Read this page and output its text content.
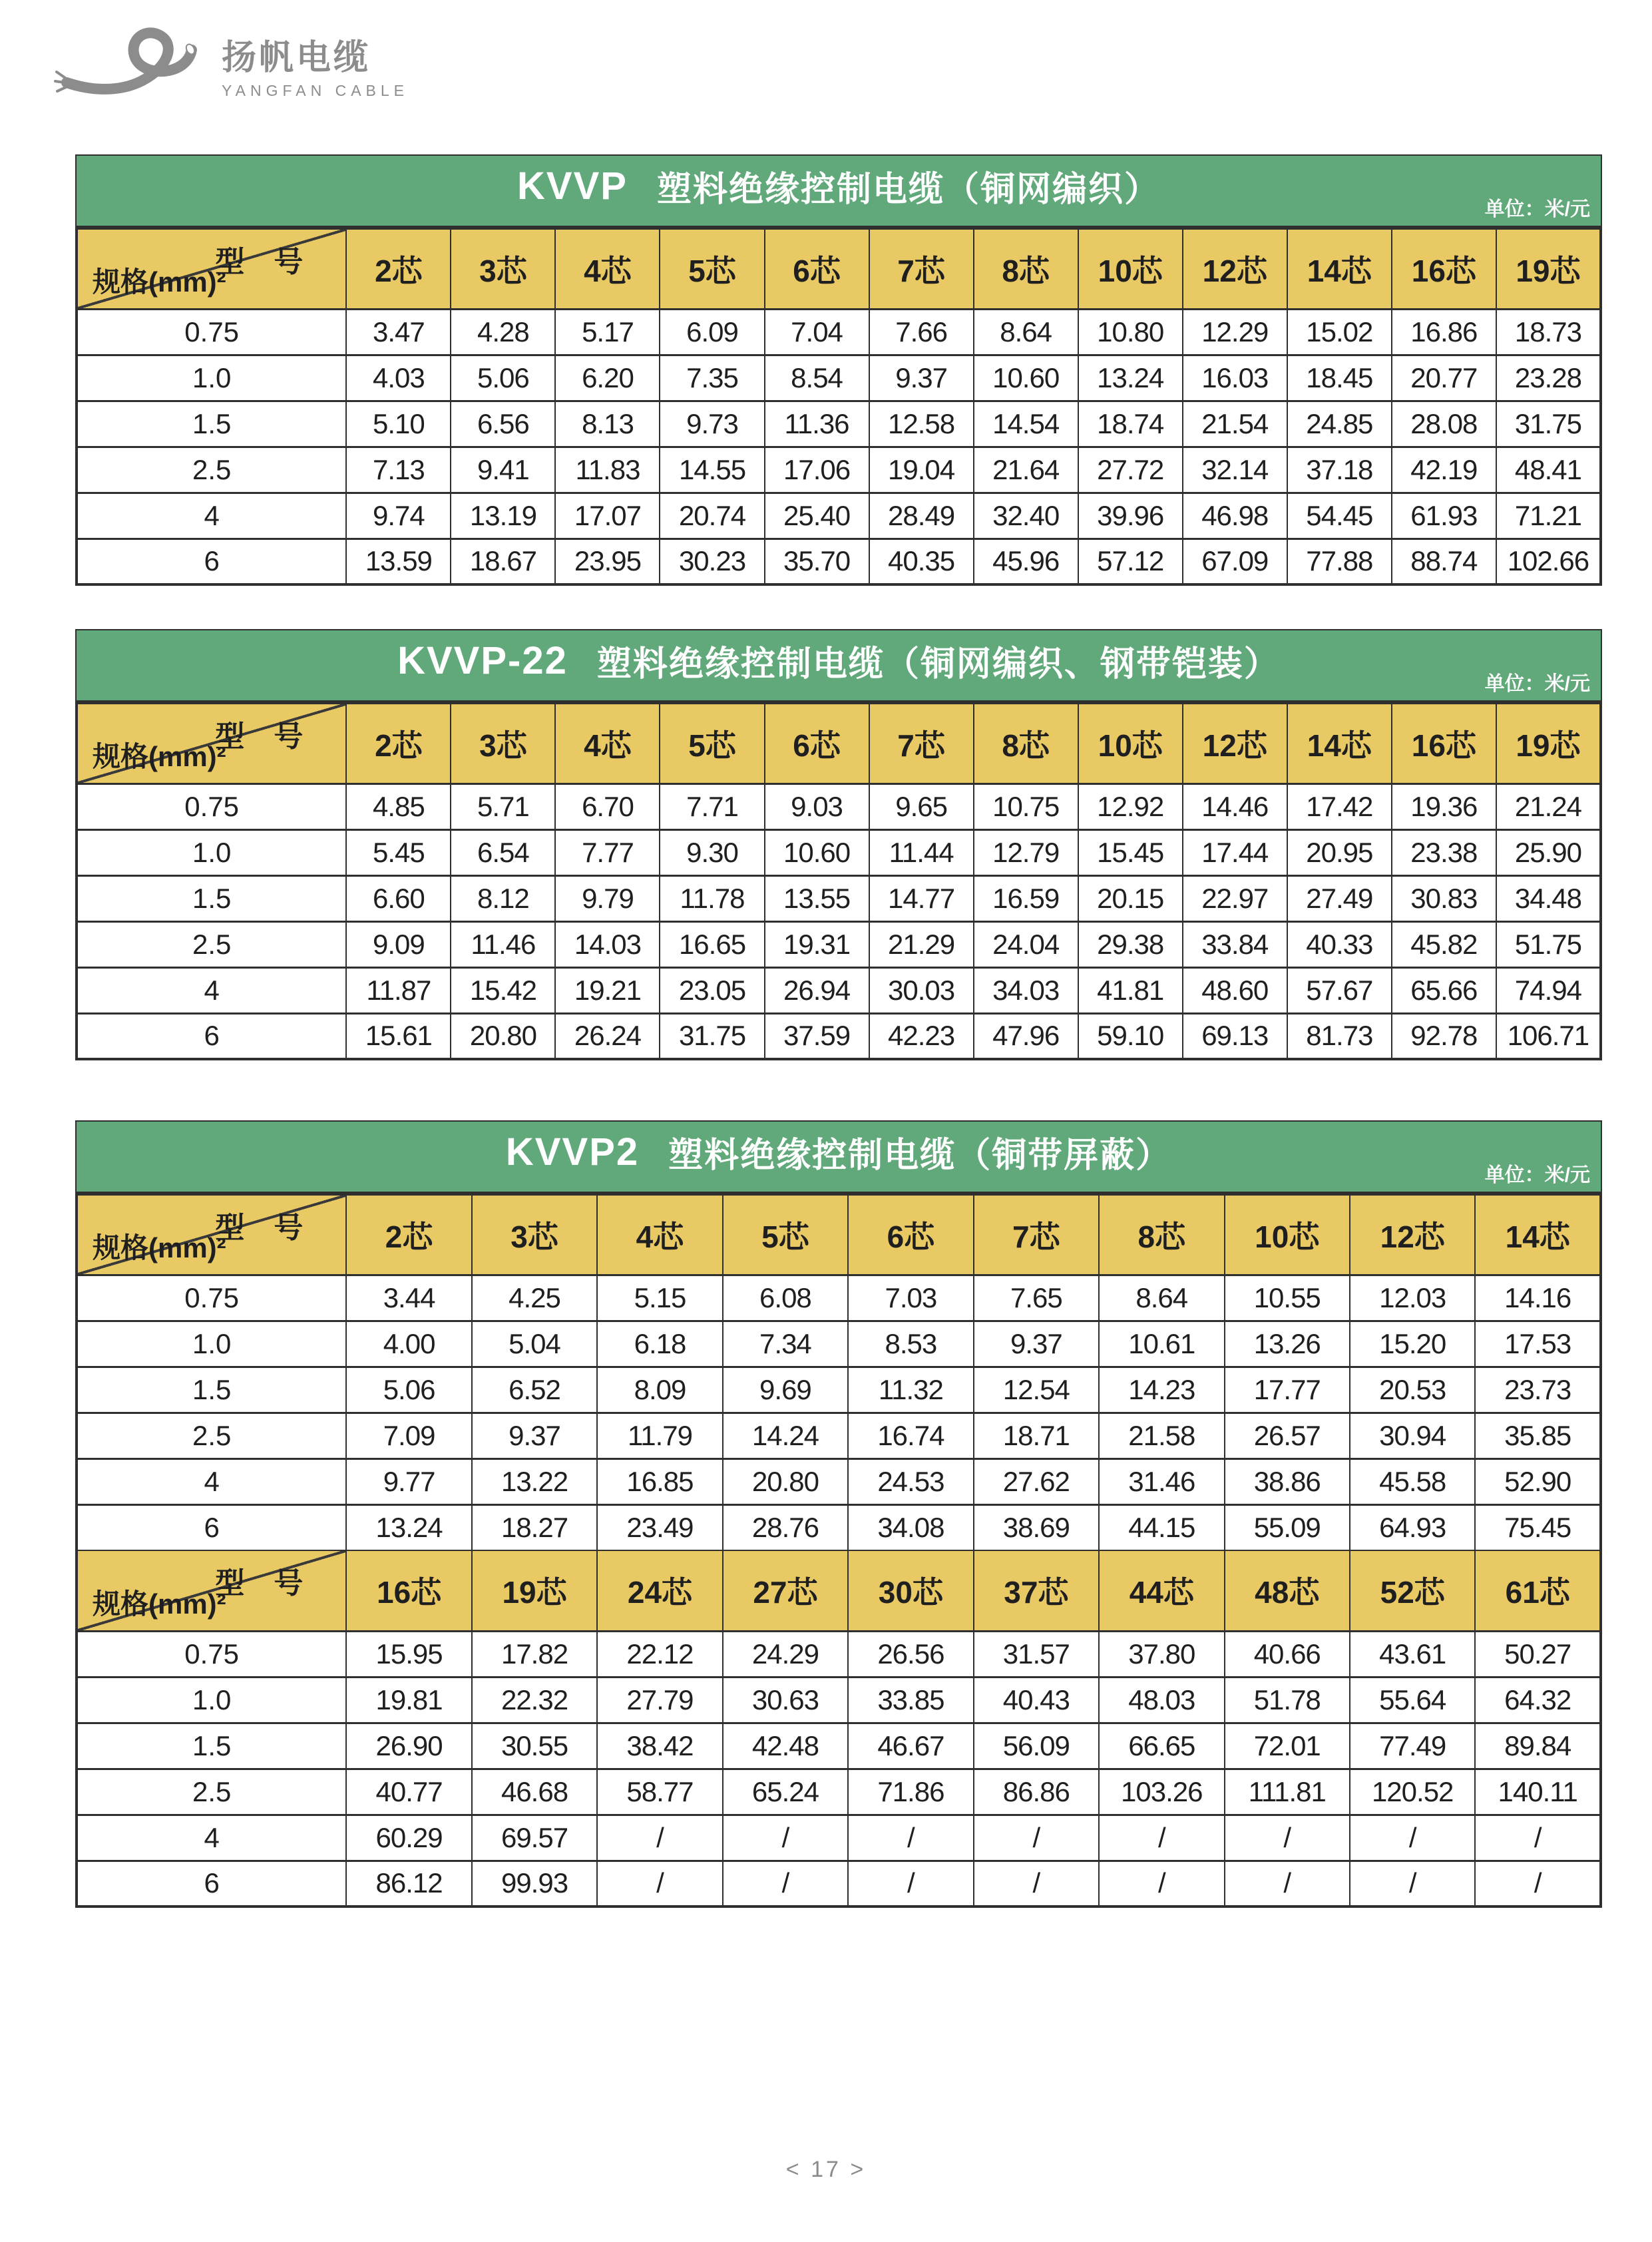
扬帆电缆
YANGFAN CABLE
KVVP 塑料绝缘控制电缆（铜网编织）
单位：米/元
型　号
规格(mm)²	2芯	3芯	4芯	5芯	6芯	7芯	8芯	10芯	12芯	14芯	16芯	19芯
0.75	3.47	4.28	5.17	6.09	7.04	7.66	8.64	10.80	12.29	15.02	16.86	18.73
1.0	4.03	5.06	6.20	7.35	8.54	9.37	10.60	13.24	16.03	18.45	20.77	23.28
1.5	5.10	6.56	8.13	9.73	11.36	12.58	14.54	18.74	21.54	24.85	28.08	31.75
2.5	7.13	9.41	11.83	14.55	17.06	19.04	21.64	27.72	32.14	37.18	42.19	48.41
4	9.74	13.19	17.07	20.74	25.40	28.49	32.40	39.96	46.98	54.45	61.93	71.21
6	13.59	18.67	23.95	30.23	35.70	40.35	45.96	57.12	67.09	77.88	88.74	102.66
KVVP-22 塑料绝缘控制电缆（铜网编织、钢带铠装）
单位：米/元
型　号
规格(mm)²	2芯	3芯	4芯	5芯	6芯	7芯	8芯	10芯	12芯	14芯	16芯	19芯
0.75	4.85	5.71	6.70	7.71	9.03	9.65	10.75	12.92	14.46	17.42	19.36	21.24
1.0	5.45	6.54	7.77	9.30	10.60	11.44	12.79	15.45	17.44	20.95	23.38	25.90
1.5	6.60	8.12	9.79	11.78	13.55	14.77	16.59	20.15	22.97	27.49	30.83	34.48
2.5	9.09	11.46	14.03	16.65	19.31	21.29	24.04	29.38	33.84	40.33	45.82	51.75
4	11.87	15.42	19.21	23.05	26.94	30.03	34.03	41.81	48.60	57.67	65.66	74.94
6	15.61	20.80	26.24	31.75	37.59	42.23	47.96	59.10	69.13	81.73	92.78	106.71
KVVP2 塑料绝缘控制电缆（铜带屏蔽）
单位：米/元
型　号
规格(mm)²	2芯	3芯	4芯	5芯	6芯	7芯	8芯	10芯	12芯	14芯
0.75	3.44	4.25	5.15	6.08	7.03	7.65	8.64	10.55	12.03	14.16
1.0	4.00	5.04	6.18	7.34	8.53	9.37	10.61	13.26	15.20	17.53
1.5	5.06	6.52	8.09	9.69	11.32	12.54	14.23	17.77	20.53	23.73
2.5	7.09	9.37	11.79	14.24	16.74	18.71	21.58	26.57	30.94	35.85
4	9.77	13.22	16.85	20.80	24.53	27.62	31.46	38.86	45.58	52.90
6	13.24	18.27	23.49	28.76	34.08	38.69	44.15	55.09	64.93	75.45

型　号
规格(mm)²	16芯	19芯	24芯	27芯	30芯	37芯	44芯	48芯	52芯	61芯
0.75	15.95	17.82	22.12	24.29	26.56	31.57	37.80	40.66	43.61	50.27
1.0	19.81	22.32	27.79	30.63	33.85	40.43	48.03	51.78	55.64	64.32
1.5	26.90	30.55	38.42	42.48	46.67	56.09	66.65	72.01	77.49	89.84
2.5	40.77	46.68	58.77	65.24	71.86	86.86	103.26	111.81	120.52	140.11
4	60.29	69.57	/	/	/	/	/	/	/	/
6	86.12	99.93	/	/	/	/	/	/	/	/
< 17 >
